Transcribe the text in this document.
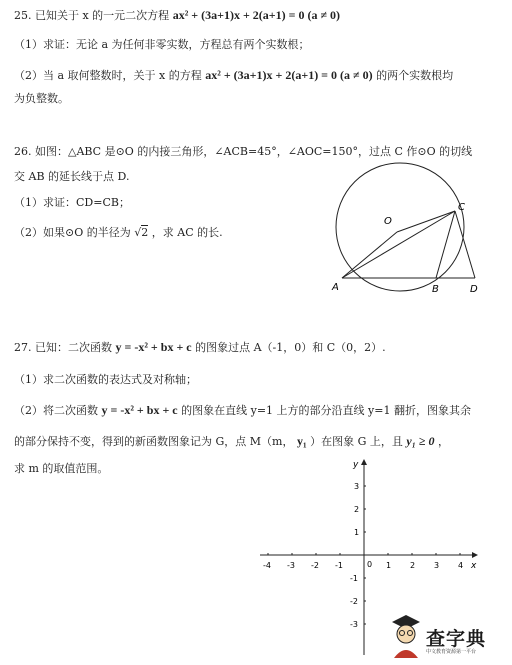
25. 已知关于 x 的一元二次方程 ax² + (3a+1)x + 2(a+1) = 0 (a ≠ 0)
（1）求证：无论 a 为任何非零实数，方程总有两个实数根；
（2）当 a 取何整数时，关于 x 的方程 ax² + (3a+1)x + 2(a+1) = 0 (a ≠ 0) 的两个实数根均
为负整数。
26. 如图：△ABC 是⊙O 的内接三角形，∠ACB=45°，∠AOC=150°，过点 C 作⊙O 的切线
交 AB 的延长线于点 D.
（1）求证：CD=CB；
（2）如果⊙O 的半径为 √2 ，求 AC 的长.
O
C
A	B	D
27. 已知：二次函数 y = -x² + bx + c 的图象过点 A（-1，0）和 C（0，2）.
（1）求二次函数的表达式及对称轴；
（2）将二次函数 y = -x² + bx + c 的图象在直线 y=1 上方的部分沿直线 y=1 翻折，图象其余
的部分保持不变，得到的新函数图象记为 G，点 M（m， y₁ ）在图象 G 上，且 y₁ ≥ 0 ，
求 m 的取值范围。
x
y
0
-4 -3 -2 -1	1 2 3 4
3
2
1
-1
-2
-3
查字典
中文教育资源第一平台
